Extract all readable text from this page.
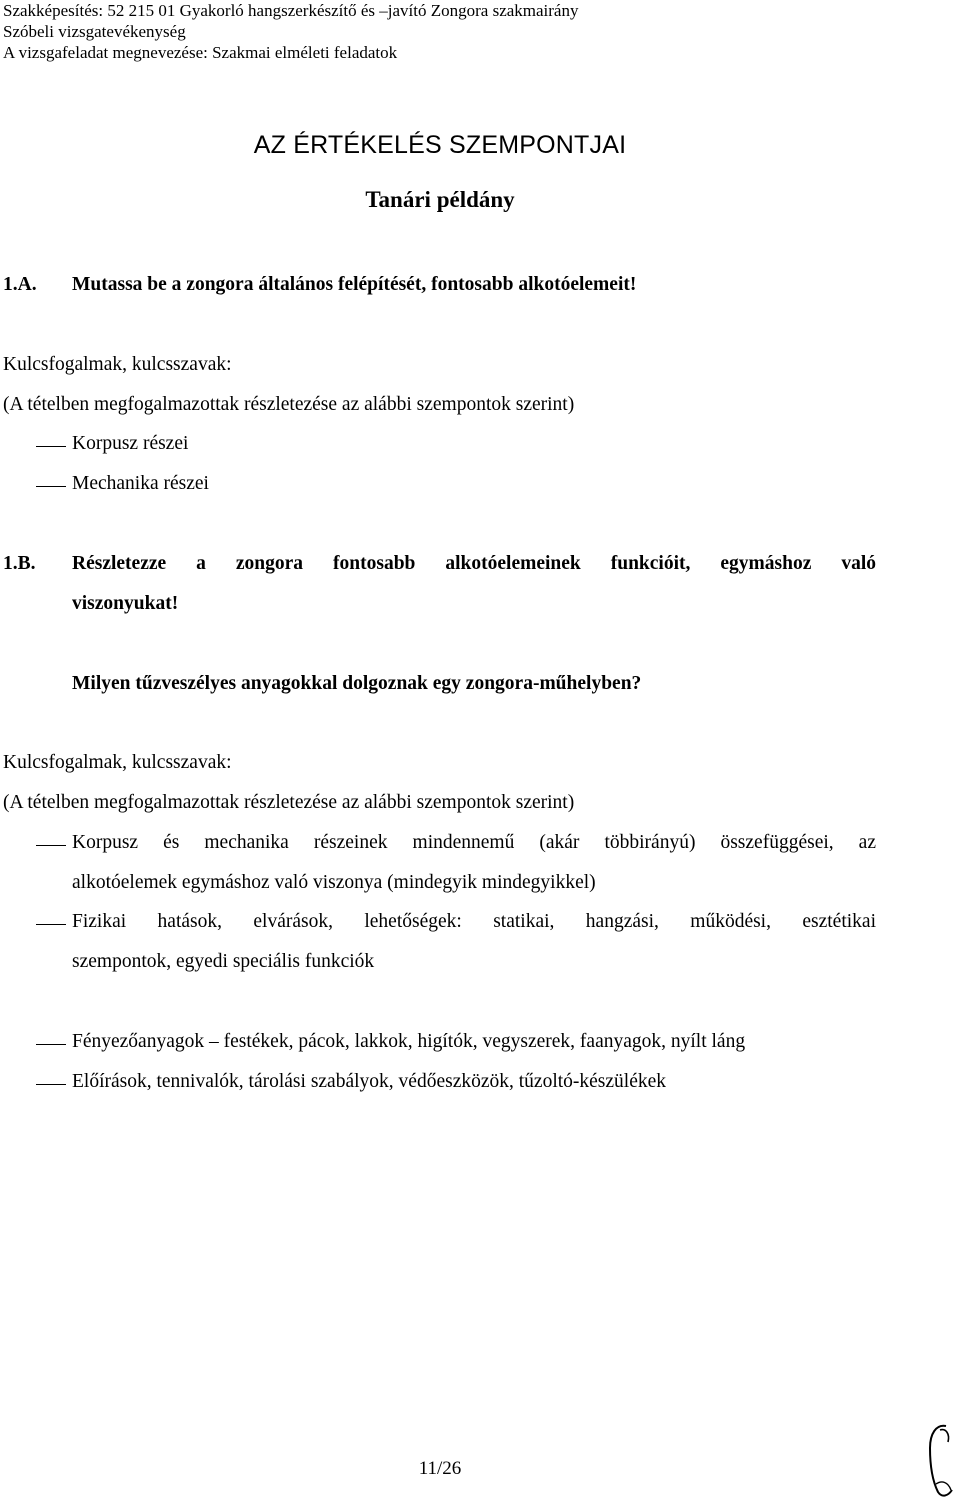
Szakképesítés: 52 215 01 Gyakorló hangszerkészítő és –javító Zongora szakmairány
Szóbeli vizsgatevékenység
A vizsgafeladat megnevezése: Szakmai elméleti feladatok
AZ ÉRTÉKELÉS SZEMPONTJAI
Tanári példány
1.A. Mutassa be a zongora általános felépítését, fontosabb alkotóelemeit!
Kulcsfogalmak, kulcsszavak:
(A tételben megfogalmazottak részletezése az alábbi szempontok szerint)
Korpusz részei
Mechanika részei
1.B. Részletezze a zongora fontosabb alkotóelemeinek funkcióit, egymáshoz való
viszonyukat!
Milyen tűzveszélyes anyagokkal dolgoznak egy zongora-műhelyben?
Kulcsfogalmak, kulcsszavak:
(A tételben megfogalmazottak részletezése az alábbi szempontok szerint)
Korpusz és mechanika részeinek mindennemű (akár többirányú) összefüggései, az
alkotóelemek egymáshoz való viszonya (mindegyik mindegyikkel)
Fizikai hatások, elvárások, lehetőségek: statikai, hangzási, működési, esztétikai
szempontok, egyedi speciális funkciók
Fényezőanyagok – festékek, pácok, lakkok, higítók, vegyszerek, faanyagok, nyílt láng
Előírások, tennivalók, tárolási szabályok, védőeszközök, tűzoltó-készülékek
11/26
